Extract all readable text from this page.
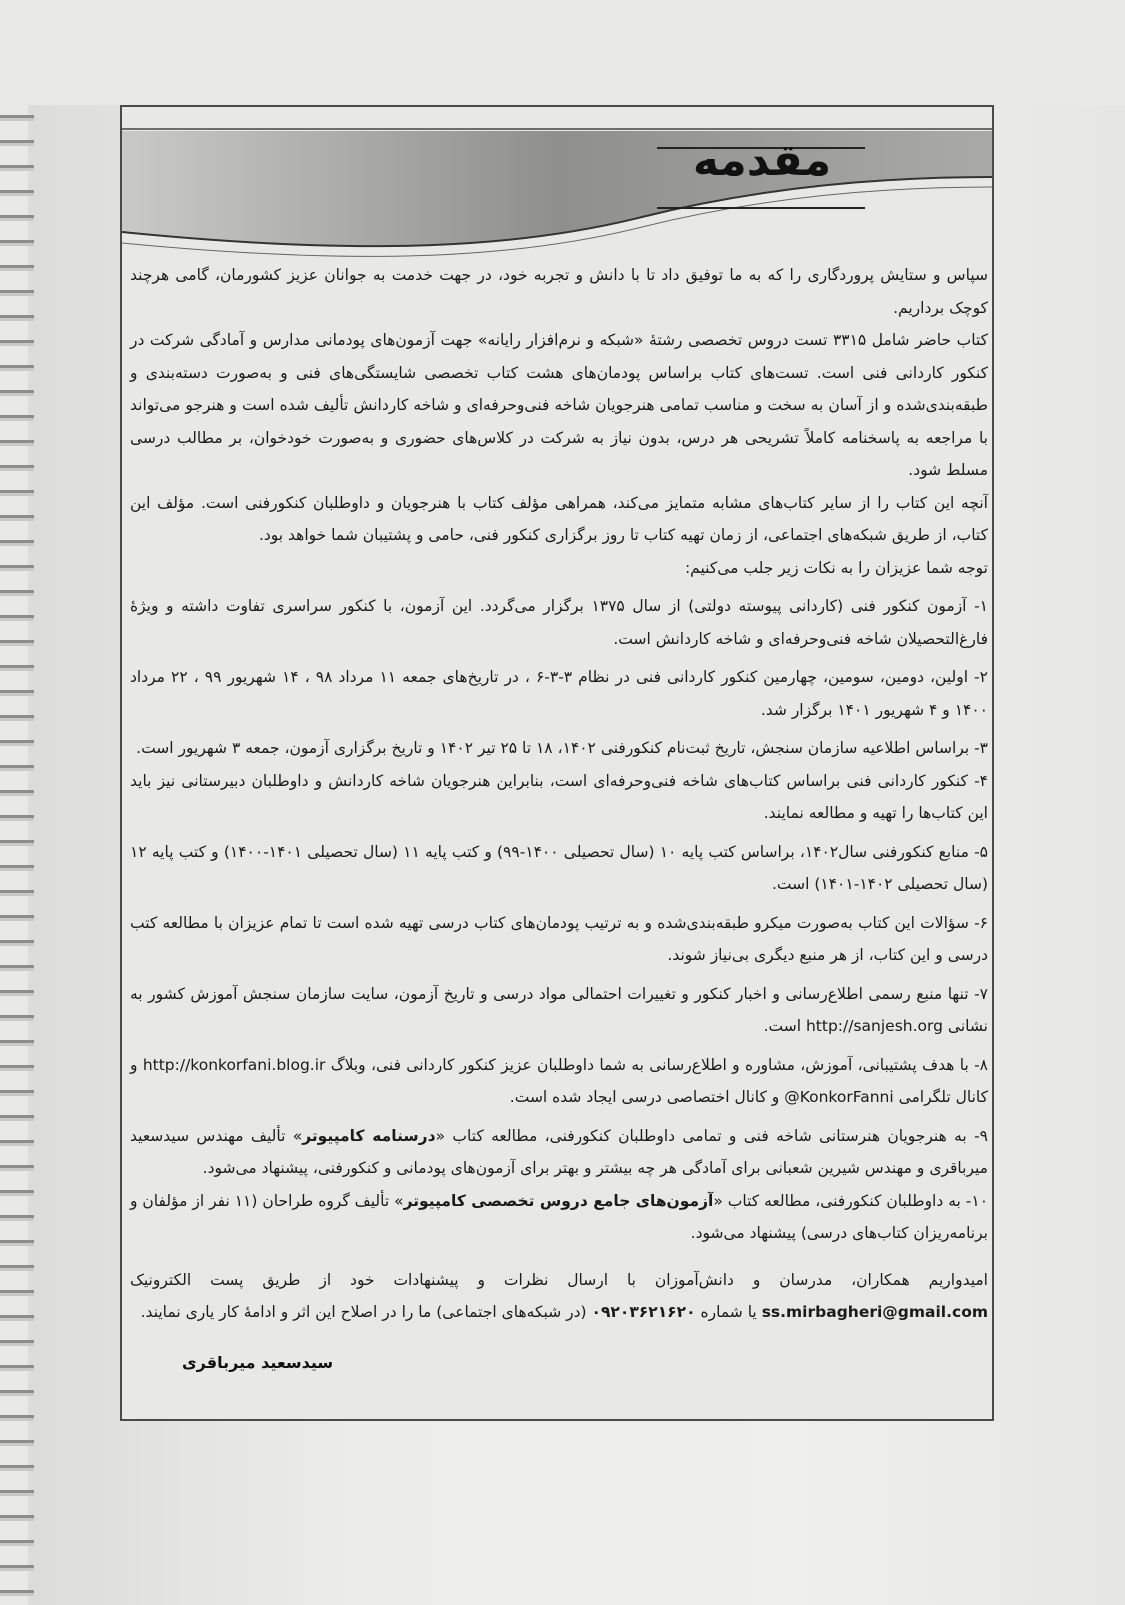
مقدمه

سپاس و ستایش پروردگاری را که به ما توفیق داد تا با دانش و تجربه خود، در جهت خدمت به جوانان عزیز کشورمان، گامی هرچند کوچک برداریم.

کتاب حاضر شامل ۳۳۱۵ تست دروس تخصصی رشتهٔ «شبکه و نرم‌افزار رایانه» جهت آزمون‌های پودمانی مدارس و آمادگی شرکت در کنکور کاردانی فنی است. تست‌های کتاب براساس پودمان‌های هشت کتاب تخصصی شایستگی‌های فنی و به‌صورت دسته‌بندی و طبقه‌بندی‌شده و از آسان به سخت و مناسب تمامی هنرجویان شاخه فنی‌وحرفه‌ای و شاخه کاردانش تألیف شده است و هنرجو می‌تواند با مراجعه به پاسخنامه کاملاً تشریحی هر درس، بدون نیاز به شرکت در کلاس‌های حضوری و به‌صورت خودخوان، بر مطالب درسی مسلط شود.

آنچه این کتاب را از سایر کتاب‌های مشابه متمایز می‌کند، همراهی مؤلف کتاب با هنرجویان و داوطلبان کنکورفنی است. مؤلف این کتاب، از طریق شبکه‌های اجتماعی، از زمان تهیه کتاب تا روز برگزاری کنکور فنی، حامی و پشتیبان شما خواهد بود.

توجه شما عزیزان را به نکات زیر جلب می‌کنیم:

۱- آزمون کنکور فنی (کاردانی پیوسته دولتی) از سال ۱۳۷۵ برگزار می‌گردد. این آزمون، با کنکور سراسری تفاوت داشته و ویژهٔ فارغ‌التحصیلان شاخه فنی‌وحرفه‌ای و شاخه کاردانش است.

۲- اولین، دومین، سومین، چهارمین کنکور کاردانی فنی در نظام ۳-۳-۶ ، در تاریخ‌های جمعه ۱۱ مرداد ۹۸ ، ۱۴ شهریور ۹۹ ، ۲۲ مرداد ۱۴۰۰ و ۴ شهریور ۱۴۰۱ برگزار شد.

۳- براساس اطلاعیه سازمان سنجش، تاریخ ثبت‌نام کنکورفنی ۱۴۰۲، ۱۸ تا ۲۵ تیر ۱۴۰۲ و تاریخ برگزاری آزمون، جمعه ۳ شهریور است.

۴- کنکور کاردانی فنی براساس کتاب‌های شاخه فنی‌وحرفه‌ای است، بنابراین هنرجویان شاخه کاردانش و داوطلبان دبیرستانی نیز باید این کتاب‌ها را تهیه و مطالعه نمایند.

۵- منابع کنکورفنی سال۱۴۰۲، براساس کتب پایه ۱۰ (سال تحصیلی ۱۴۰۰-۹۹) و کتب پایه ۱۱ (سال تحصیلی ۱۴۰۱-۱۴۰۰) و کتب پایه ۱۲ (سال تحصیلی ۱۴۰۲-۱۴۰۱) است.

۶- سؤالات این کتاب به‌صورت میکرو طبقه‌بندی‌شده و به ترتیب پودمان‌های کتاب درسی تهیه شده است تا تمام عزیزان با مطالعه کتب درسی و این کتاب، از هر منبع دیگری بی‌نیاز شوند.

۷- تنها منبع رسمی اطلاع‌رسانی و اخبار کنکور و تغییرات احتمالی مواد درسی و تاریخ آزمون، سایت سازمان سنجش آموزش کشور به نشانی http://sanjesh.org است.

۸- با هدف پشتیبانی، آموزش، مشاوره و اطلاع‌رسانی به شما داوطلبان عزیز کنکور کاردانی فنی، وبلاگ http://konkorfani.blog.ir و کانال تلگرامی KonkorFanni@ و کانال اختصاصی درسی ایجاد شده است.

۹- به هنرجویان هنرستانی شاخه فنی و تمامی داوطلبان کنکورفنی، مطالعه کتاب «درسنامه کامپیوتر» تألیف مهندس سیدسعید میرباقری و مهندس شیرین شعبانی برای آمادگی هر چه بیشتر و بهتر برای آزمون‌های پودمانی و کنکورفنی، پیشنهاد می‌شود.

۱۰- به داوطلبان کنکورفنی، مطالعه کتاب «آزمون‌های جامع دروس تخصصی کامپیوتر» تألیف گروه طراحان (۱۱ نفر از مؤلفان و برنامه‌ریزان کتاب‌های درسی) پیشنهاد می‌شود.

امیدواریم همکاران، مدرسان و دانش‌آموزان با ارسال نظرات و پیشنهادات خود از طریق پست الکترونیک ss.mirbagheri@gmail.com یا شماره ۰۹۲۰۳۶۲۱۶۲۰ (در شبکه‌های اجتماعی) ما را در اصلاح این اثر و ادامهٔ کار یاری نمایند.

سیدسعید میرباقری
